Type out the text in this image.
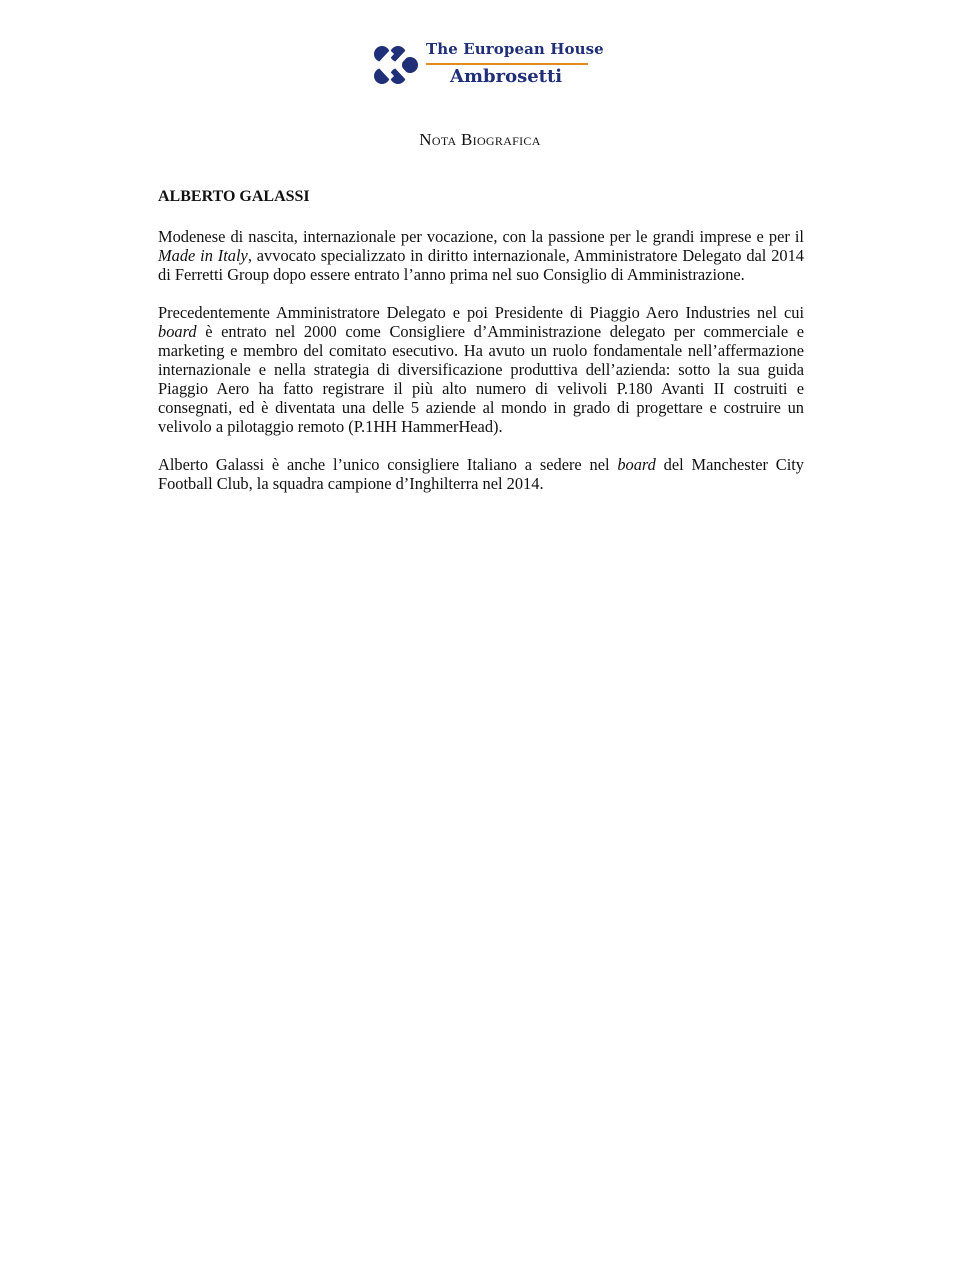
The European House
Ambrosetti
Nota Biografica
ALBERTO GALASSI

Modenese di nascita, internazionale per vocazione, con la passione per le grandi imprese e per il Made in Italy, avvocato specializzato in diritto internazionale, Amministratore Delegato dal 2014 di Ferretti Group dopo essere entrato l’anno prima nel suo Consiglio di Amministrazione.

Precedentemente Amministratore Delegato e poi Presidente di Piaggio Aero Industries nel cui board è entrato nel 2000 come Consigliere d’Amministrazione delegato per commerciale e marketing e membro del comitato esecutivo. Ha avuto un ruolo fondamentale nell’affermazione internazionale e nella strategia di diversificazione produttiva dell’azienda: sotto la sua guida Piaggio Aero ha fatto registrare il più alto numero di velivoli P.180 Avanti II costruiti e consegnati, ed è diventata una delle 5 aziende al mondo in grado di progettare e costruire un velivolo a pilotaggio remoto (P.1HH HammerHead).

Alberto Galassi è anche l’unico consigliere Italiano a sedere nel board del Manchester City Football Club, la squadra campione d’Inghilterra nel 2014.
